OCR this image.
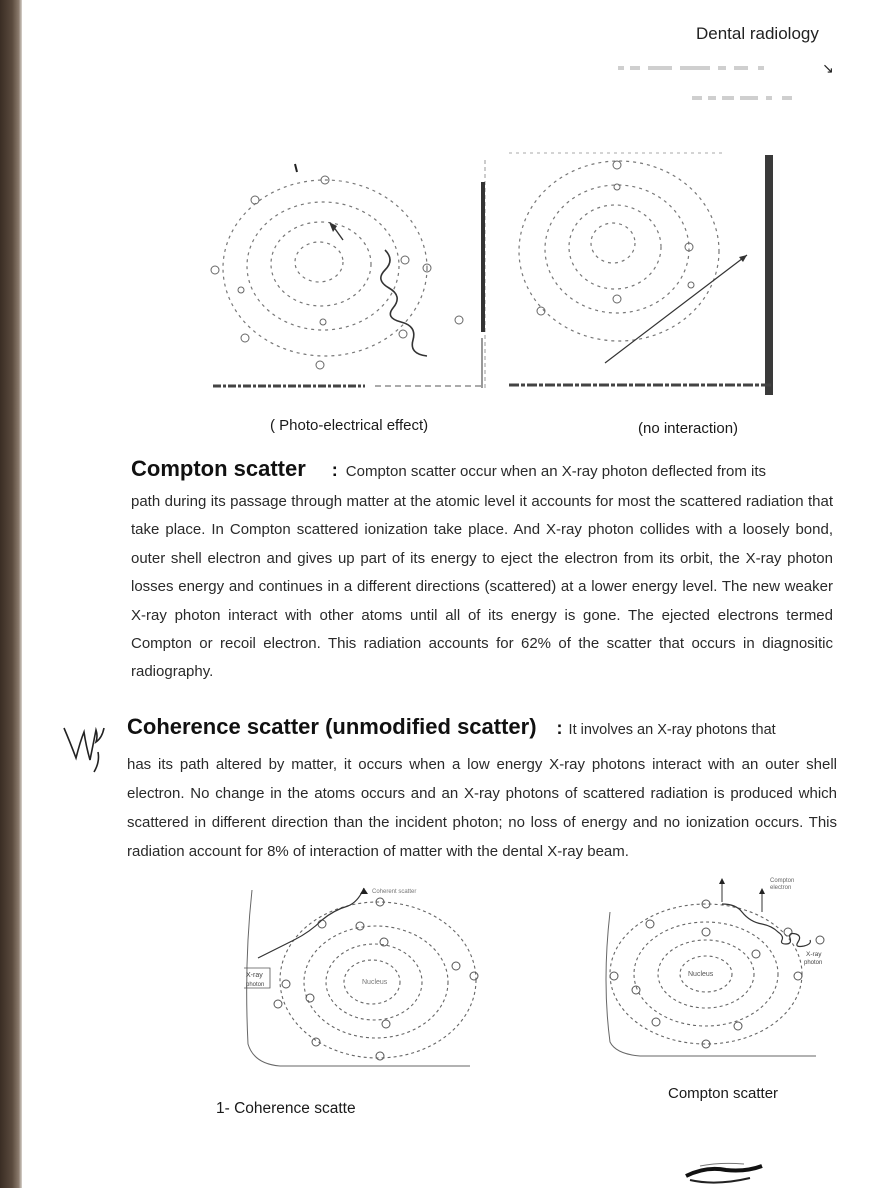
Dental radiology
↘
( Photo-electrical effect)	(no interaction)
Compton scatter : Compton scatter occur when an X-ray photon deflected from its

path during its passage through matter at the atomic level it accounts for most the scattered radiation that take place. In Compton scattered ionization take place. And X-ray photon collides with a loosely bond, outer shell electron and gives up part of its energy to eject the electron from its orbit, the X-ray photon losses energy and continues in a different directions (scattered) at a lower energy level. The new weaker X-ray photon interact with other atoms until all of its energy is gone. The ejected electrons termed Compton or recoil electron. This radiation accounts for 62% of the scatter that occurs in diagnositic radiography.

Coherence scatter (unmodified scatter) : It involves an X-ray photons that

has its path altered by matter, it occurs when a low energy X-ray photons interact with an outer shell electron. No change in the atoms occurs and an X-ray photons of scattered radiation is produced which scattered in different direction than the incident photon; no loss of energy and no ionization occurs. This radiation account for 8% of interaction of matter with the dental X-ray beam.

Coherent scatter
Nucleus
X-ray
photon
Compton
electron
Nucleus
X-ray
photon
1- Coherence scatte
Compton scatter
